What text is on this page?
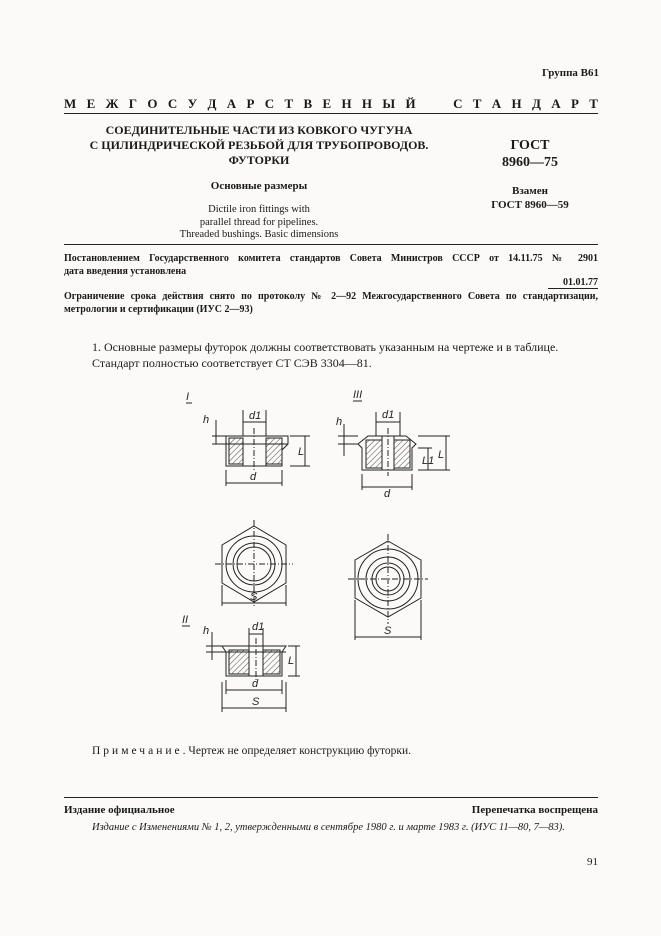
Группа В61
М Е Ж Г О С У Д А Р С Т В Е Н Н Ы Й

	С Т А Н Д А Р Т
СОЕДИНИТЕЛЬНЫЕ ЧАСТИ ИЗ КОВКОГО ЧУГУНА
С ЦИЛИНДРИЧЕСКОЙ РЕЗЬБОЙ ДЛЯ ТРУБОПРОВОДОВ.
ФУТОРКИ
Основные размеры
Dictile iron fittings with
parallel thread for pipelines.
Threaded bushings. Basic dimensions
ГОСТ
8960—75
Взамен
ГОСТ 8960—59
Постановлением Государственного комитета стандартов Совета Министров СССР от 14.11.75 № 2901
дата введения установлена
01.01.77
Ограничение срока действия снято по протоколу № 2—92 Межгосударственного Совета по стандартизации, метрологии и сертификации (ИУС 2—93)
1. Основные размеры футорок должны соответствовать указанным на чертеже и в таблице.
Стандарт полностью соответствует СТ СЭВ 3304—81.
I
h	d1
L
d
S
III
h
d1
L1 L
d
S
II
h	d1
L
d
S
Примечание. Чертеж не определяет конструкцию футорки.
Издание официальное	Перепечатка воспрещена
Издание с Изменениями № 1, 2, утвержденными в сентябре 1980 г. и марте 1983 г. (ИУС 11—80, 7—83).
91
